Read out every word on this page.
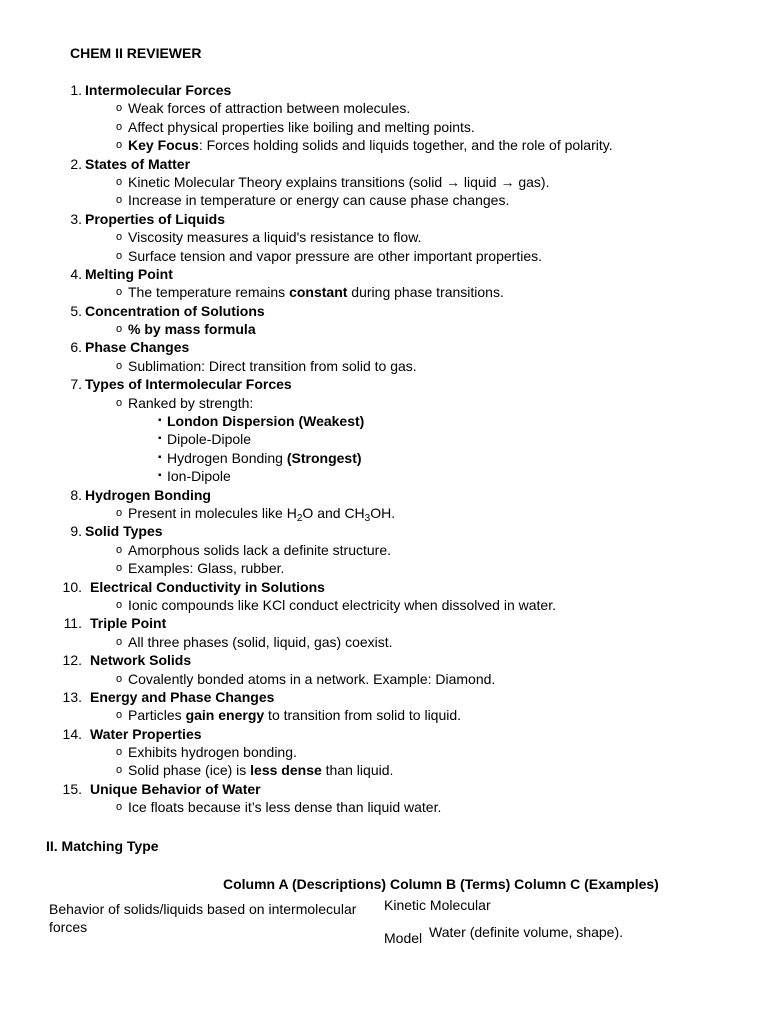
CHEM II REVIEWER
1. Intermolecular Forces
o Weak forces of attraction between molecules.
o Affect physical properties like boiling and melting points.
o Key Focus: Forces holding solids and liquids together, and the role of polarity.
2. States of Matter
o Kinetic Molecular Theory explains transitions (solid → liquid → gas).
o Increase in temperature or energy can cause phase changes.
3. Properties of Liquids
o Viscosity measures a liquid's resistance to flow.
o Surface tension and vapor pressure are other important properties.
4. Melting Point
o The temperature remains constant during phase transitions.
5. Concentration of Solutions
o % by mass formula
6. Phase Changes
o Sublimation: Direct transition from solid to gas.
7. Types of Intermolecular Forces
o Ranked by strength:
▪ London Dispersion (Weakest)
▪ Dipole-Dipole
▪ Hydrogen Bonding (Strongest)
▪ Ion-Dipole
8. Hydrogen Bonding
o Present in molecules like $H_2O$ and $CH_3OH$.
9. Solid Types
o Amorphous solids lack a definite structure.
o Examples: Glass, rubber.
10. Electrical Conductivity in Solutions
o Ionic compounds like KCl conduct electricity when dissolved in water.
11. Triple Point
o All three phases (solid, liquid, gas) coexist.
12. Network Solids
o Covalently bonded atoms in a network. Example: Diamond.
13. Energy and Phase Changes
o Particles gain energy to transition from solid to liquid.
14. Water Properties
o Exhibits hydrogen bonding.
o Solid phase (ice) is less dense than liquid.
15. Unique Behavior of Water
o Ice floats because it’s less dense than liquid water.
II. Matching Type
Column A (Descriptions) Column B (Terms) Column C (Examples)
Behavior of solids/liquids based on intermolecular forces
Kinetic Molecular
Model Water (definite volume, shape).
